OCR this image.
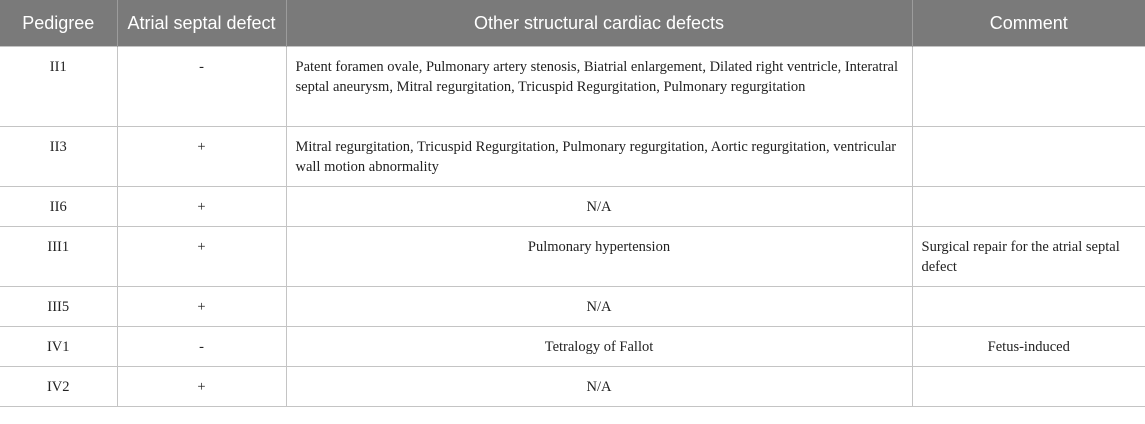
Pedigree	Atrial septal defect	Other structural cardiac defects	Comment
II1	-	Patent foramen ovale, Pulmonary artery stenosis, Biatrial enlargement, Dilated right ventricle, Interatral septal aneurysm, Mitral regurgitation, Tricuspid Regurgitation, Pulmonary regurgitation	
II3	+	Mitral regurgitation, Tricuspid Regurgitation, Pulmonary regurgitation, Aortic regurgitation, ventricular wall motion abnormality	
II6	+	N/A	
III1	+	Pulmonary hypertension	Surgical repair for the atrial septal defect
III5	+	N/A	
IV1	-	Tetralogy of Fallot	Fetus-induced
IV2	+	N/A	
